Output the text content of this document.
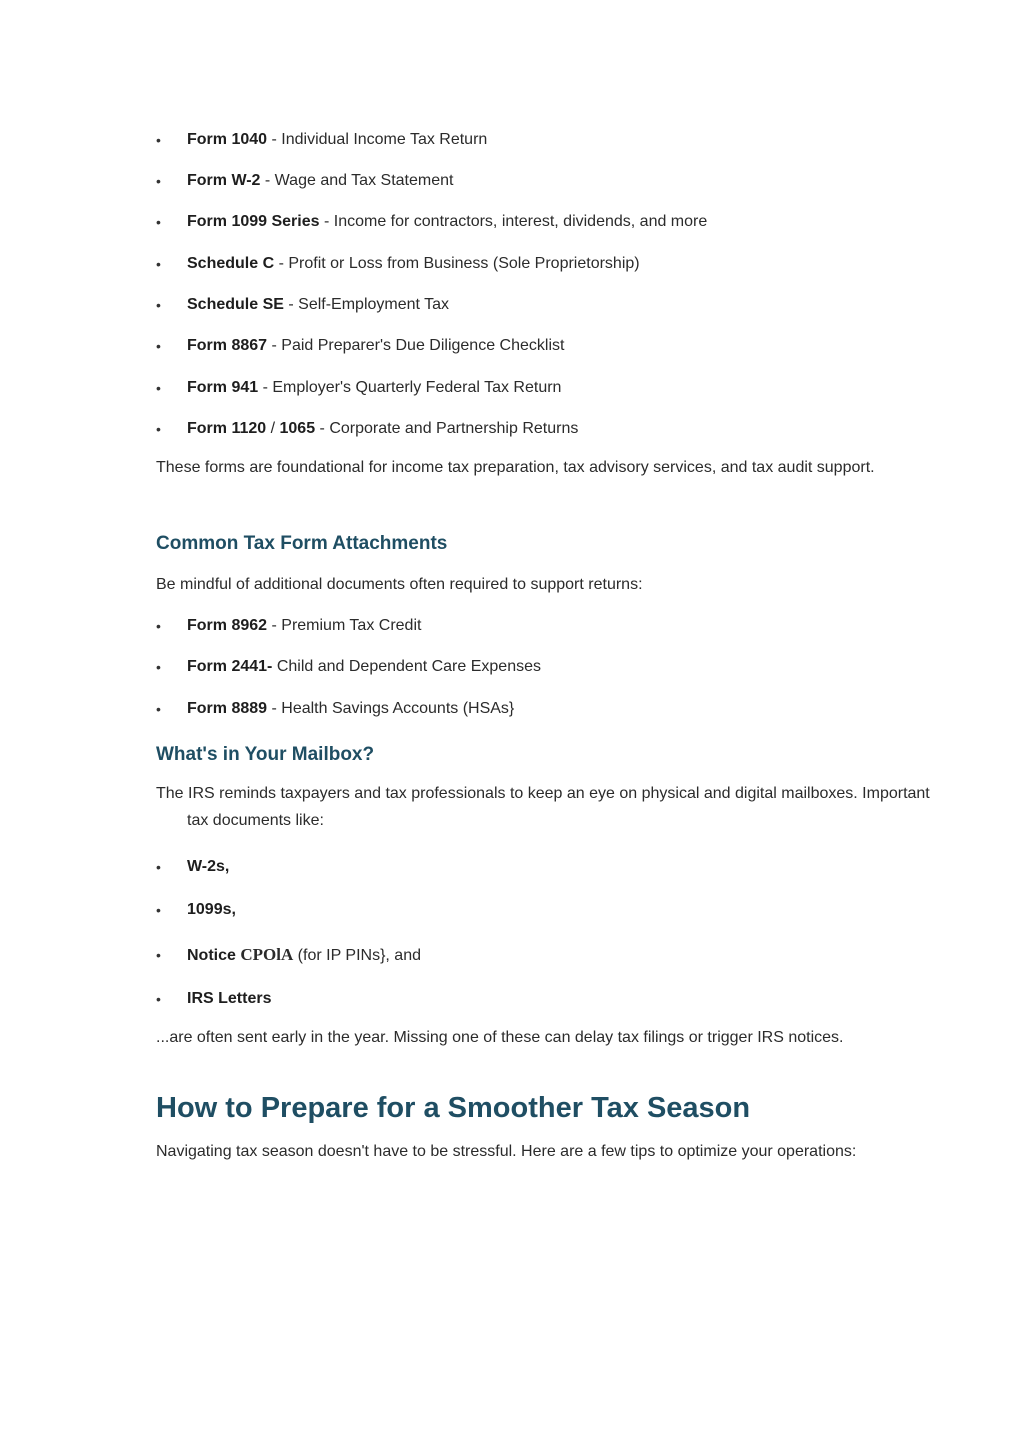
•	Form 1040 - Individual Income Tax Return
•	Form W-2 - Wage and Tax Statement
•	Form 1099 Series - Income for contractors, interest, dividends, and more
•	Schedule C - Profit or Loss from Business (Sole Proprietorship)
•	Schedule SE - Self-Employment Tax
•	Form 8867 - Paid Preparer's Due Diligence Checklist
•	Form 941 - Employer's Quarterly Federal Tax Return
•	Form 1120 / 1065 - Corporate and Partnership Returns
These forms are foundational for income tax preparation, tax advisory services, and tax audit support.
Common Tax Form Attachments
Be mindful of additional documents often required to support returns:
•	Form 8962 - Premium Tax Credit
•	Form 2441- Child and Dependent Care Expenses
•	Form 8889 - Health Savings Accounts (HSAs}
What's in Your Mailbox?
The IRS reminds taxpayers and tax professionals to keep an eye on physical and digital mailboxes. Important tax documents like:
•	W-2s,
•	1099s,
•	Notice CPOlA (for IP PINs}, and
•	IRS Letters
...are often sent early in the year. Missing one of these can delay tax filings or trigger IRS notices.
How to Prepare for a Smoother Tax Season
Navigating tax season doesn't have to be stressful. Here are a few tips to optimize your operations:
